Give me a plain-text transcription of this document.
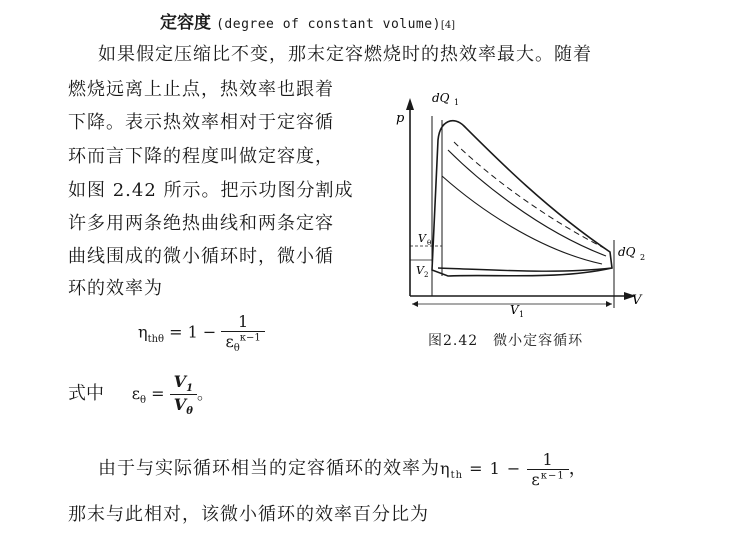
定容度 (degree of constant volume)[4]
如果假定压缩比不变，那末定容燃烧时的热效率最大。随着
燃烧远离上止点，热效率也跟着
下降。表示热效率相对于定容循
环而言下降的程度叫做定容度，
如图 2.42 所示。把示功图分割成
许多用两条绝热曲线和两条定容
曲线围成的微小循环时，微小循
环的效率为
$\eta_{th\theta} = 1 - \frac{1}{\varepsilon_\theta^{\kappa-1}}$
式中 $\varepsilon_\theta = \frac{V_1}{V_\theta}$ 。
由于与实际循环相当的定容循环的效率为$\eta_{th} = 1 - \frac{1}{\varepsilon^{\kappa-1}}$ ，
那末与此相对，该微小循环的效率百分比为
p
dQ 1
dQ 2
V θ
V 2
V 1
V
图2.42　微小定容循环
